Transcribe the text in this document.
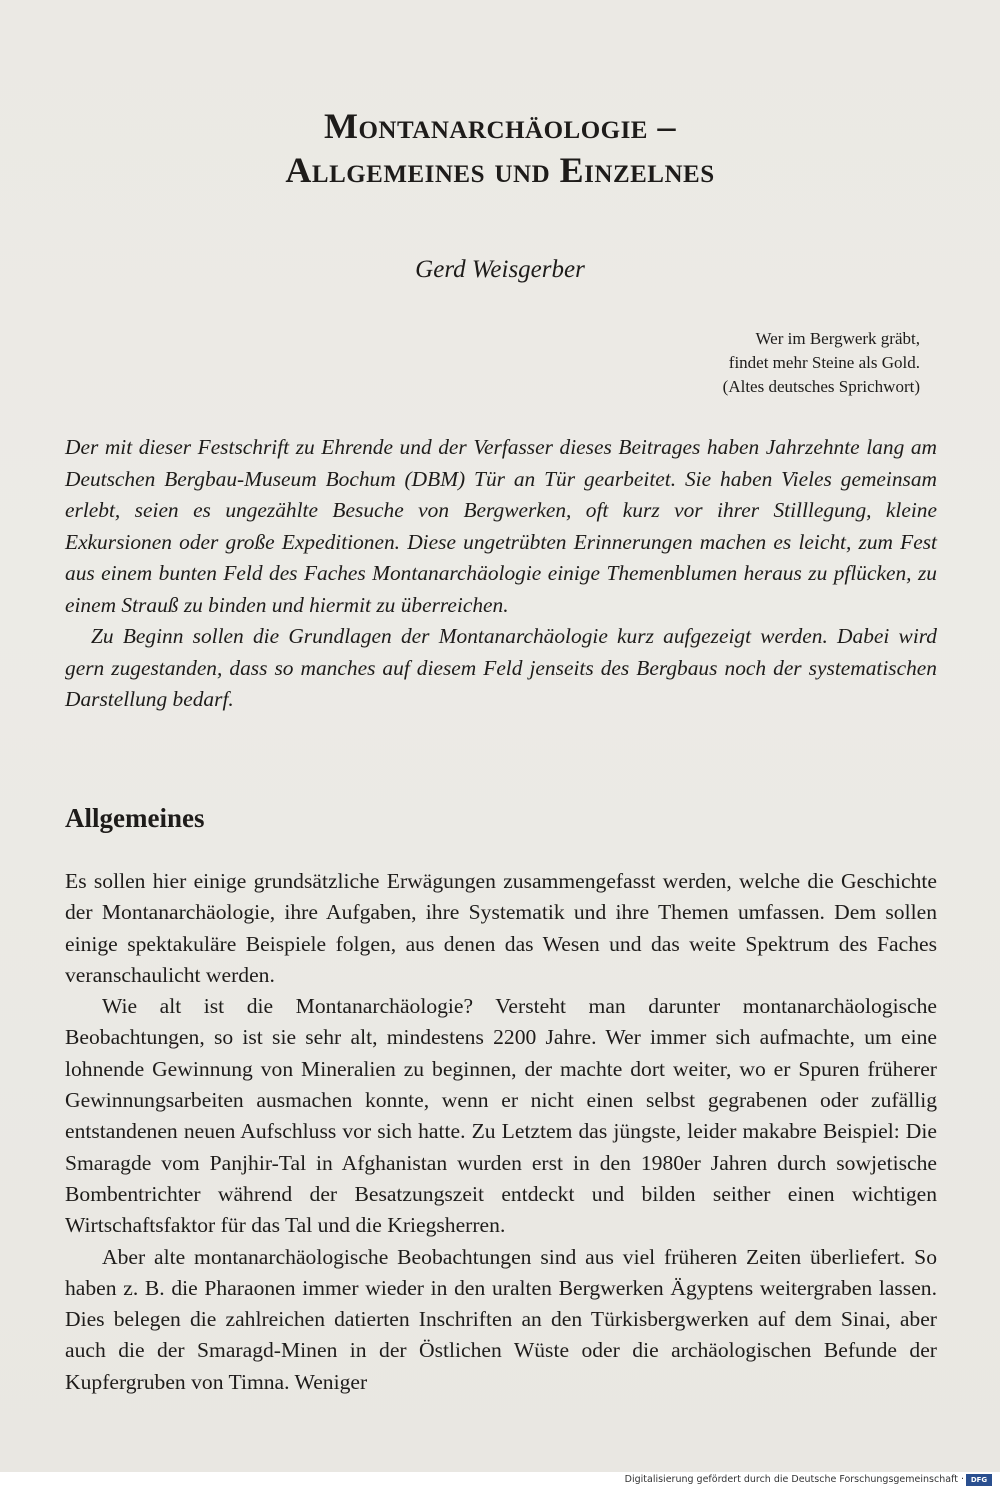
Montanarchäologie –
Allgemeines und Einzelnes

Gerd Weisgerber

Wer im Bergwerk gräbt,
findet mehr Steine als Gold.
(Altes deutsches Sprichwort)

Der mit dieser Festschrift zu Ehrende und der Verfasser dieses Beitrages haben Jahrzehnte lang am Deutschen Bergbau-Museum Bochum (DBM) Tür an Tür gearbeitet. Sie haben Vieles gemeinsam erlebt, seien es ungezählte Besuche von Bergwerken, oft kurz vor ihrer Stilllegung, kleine Exkursionen oder große Expeditionen. Diese ungetrübten Erinnerungen machen es leicht, zum Fest aus einem bunten Feld des Faches Montanarchäologie einige Themenblumen heraus zu pflücken, zu einem Strauß zu binden und hiermit zu überreichen.

Zu Beginn sollen die Grundlagen der Montanarchäologie kurz aufgezeigt werden. Dabei wird gern zugestanden, dass so manches auf diesem Feld jenseits des Bergbaus noch der systematischen Darstellung bedarf.

Allgemeines

Es sollen hier einige grundsätzliche Erwägungen zusammengefasst werden, welche die Geschichte der Montanarchäologie, ihre Aufgaben, ihre Systematik und ihre Themen umfassen. Dem sollen einige spektakuläre Beispiele folgen, aus denen das Wesen und das weite Spektrum des Faches veranschaulicht werden.

Wie alt ist die Montanarchäologie? Versteht man darunter montanarchäologische Beobachtungen, so ist sie sehr alt, mindestens 2200 Jahre. Wer immer sich aufmachte, um eine lohnende Gewinnung von Mineralien zu beginnen, der machte dort weiter, wo er Spuren früherer Gewinnungsarbeiten ausmachen konnte, wenn er nicht einen selbst gegrabenen oder zufällig entstandenen neuen Aufschluss vor sich hatte. Zu Letztem das jüngste, leider makabre Beispiel: Die Smaragde vom Panjhir-Tal in Afghanistan wurden erst in den 1980er Jahren durch sowjetische Bombentrichter während der Besatzungszeit entdeckt und bilden seither einen wichtigen Wirtschaftsfaktor für das Tal und die Kriegsherren.

Aber alte montanarchäologische Beobachtungen sind aus viel früheren Zeiten überliefert. So haben z. B. die Pharaonen immer wieder in den uralten Bergwerken Ägyptens weitergraben lassen. Dies belegen die zahlreichen datierten Inschriften an den Türkisbergwerken auf dem Sinai, aber auch die der Smaragd-Minen in der Östlichen Wüste oder die archäologischen Befunde der Kupfergruben von Timna. Weniger

Digitalisierung gefördert durch die Deutsche Forschungsgemeinschaft · DFG
